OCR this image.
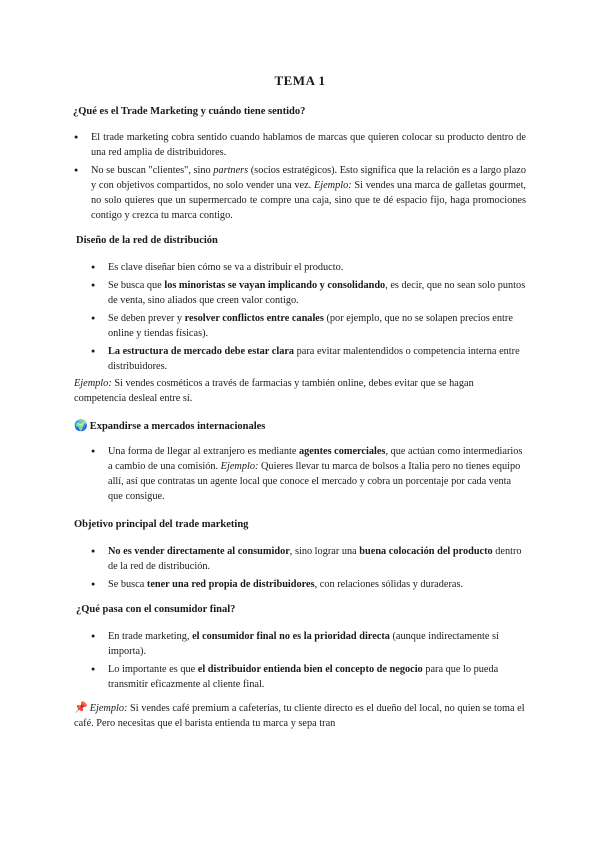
TEMA 1
¿Qué es el Trade Marketing y cuándo tiene sentido?
● El trade marketing cobra sentido cuando hablamos de marcas que quieren colocar su producto dentro de una red amplia de distribuidores.
● No se buscan "clientes", sino partners (socios estratégicos). Esto significa que la relación es a largo plazo y con objetivos compartidos, no solo vender una vez. Ejemplo: Si vendes una marca de galletas gourmet, no solo quieres que un supermercado te compre una caja, sino que te dé espacio fijo, haga promociones contigo y crezca tu marca contigo.
Diseño de la red de distribución
● Es clave diseñar bien cómo se va a distribuir el producto.
● Se busca que los minoristas se vayan implicando y consolidando, es decir, que no sean solo puntos de venta, sino aliados que creen valor contigo.
● Se deben prever y resolver conflictos entre canales (por ejemplo, que no se solapen precios entre online y tiendas físicas).
● La estructura de mercado debe estar clara para evitar malentendidos o competencia interna entre distribuidores.
Ejemplo: Si vendes cosméticos a través de farmacias y también online, debes evitar que se hagan competencia desleal entre sí.
🌍 Expandirse a mercados internacionales
● Una forma de llegar al extranjero es mediante agentes comerciales, que actúan como intermediarios a cambio de una comisión. Ejemplo: Quieres llevar tu marca de bolsos a Italia pero no tienes equipo allí, así que contratas un agente local que conoce el mercado y cobra un porcentaje por cada venta que consigue.
Objetivo principal del trade marketing
● No es vender directamente al consumidor, sino lograr una buena colocación del producto dentro de la red de distribución.
● Se busca tener una red propia de distribuidores, con relaciones sólidas y duraderas.
¿Qué pasa con el consumidor final?
● En trade marketing, el consumidor final no es la prioridad directa (aunque indirectamente sí importa).
● Lo importante es que el distribuidor entienda bien el concepto de negocio para que lo pueda transmitir eficazmente al cliente final.
📌 Ejemplo: Si vendes café premium a cafeterías, tu cliente directo es el dueño del local, no quien se toma el café. Pero necesitas que el barista entienda tu marca y sepa tran
